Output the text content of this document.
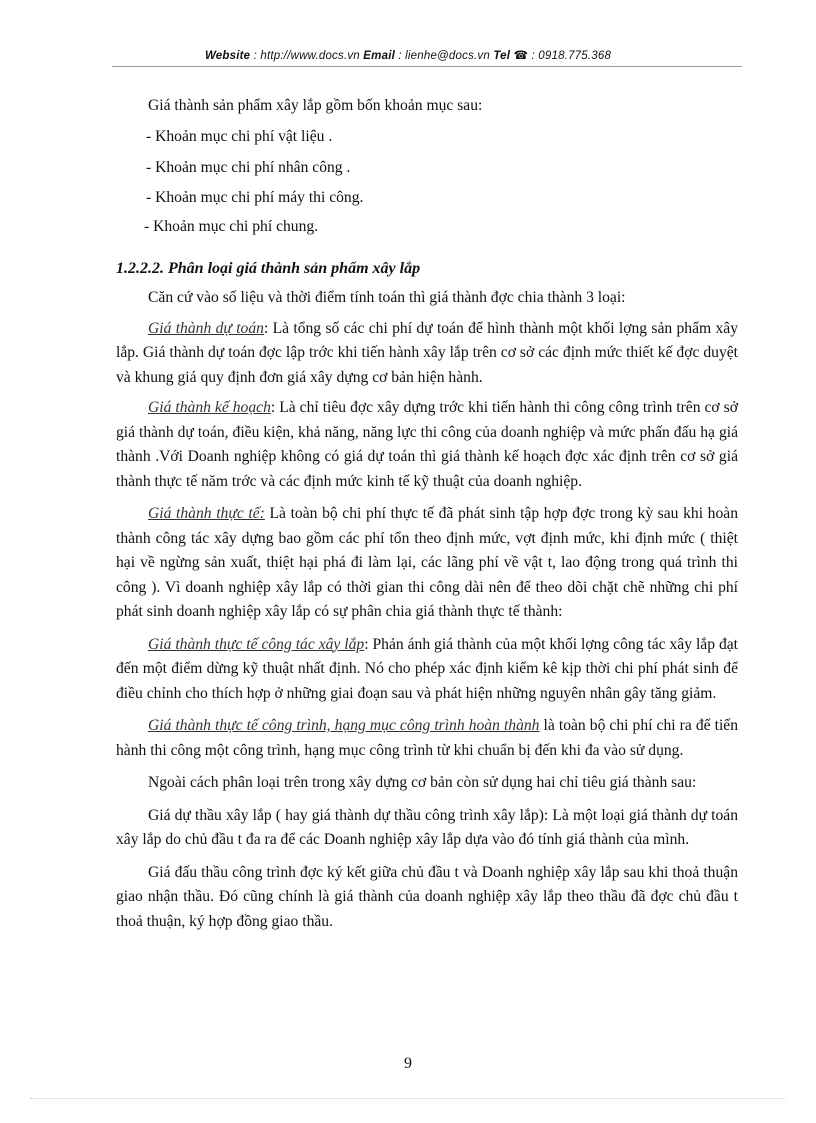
Website : http://www.docs.vn Email : lienhe@docs.vn Tel ☎ : 0918.775.368

Giá thành sản phẩm xây lắp gồm bốn khoản mục sau:

- Khoản mục chi phí vật liệu .

- Khoản mục chi phí nhân công .

- Khoản mục chi phí máy thi công.

- Khoản mục chi phí chung.

1.2.2.2. Phân loại giá thành sản phẩm xây lắp

Căn cứ vào số liệu và thời điểm tính toán thì giá thành đợc chia thành 3 loại:

Giá thành dự toán: Là tổng số các chi phí dự toán để hình thành một khối lợng sản phẩm xây lắp. Giá thành dự toán đợc lập trớc khi tiến hành xây lắp trên cơ sở các định mức thiết kế đợc duyệt và khung giá quy định đơn giá xây dựng cơ bản hiện hành.

Giá thành kế hoạch: Là chỉ tiêu đợc xây dựng trớc khi tiến hành thi công công trình trên cơ sở giá thành dự toán, điều kiện, khả năng, năng lực thi công của doanh nghiệp và mức phấn đấu hạ giá thành .Với Doanh nghiệp không có giá dự toán thì giá thành kế hoạch đợc xác định trên cơ sở giá thành thực tế năm trớc và các định mức kinh tế kỹ thuật của doanh nghiệp.

Giá thành thực tế: Là toàn bộ chi phí thực tế đã phát sinh tập hợp đợc trong kỳ sau khi hoàn thành công tác xây dựng bao gồm các phí tổn theo định mức, vợt định mức, khi định mức ( thiệt hại về ngừng sản xuất, thiệt hại phá đi làm lại, các lãng phí về vật t, lao động trong quá trình thi công ). Vì doanh nghiệp xây lắp có thời gian thi công dài nên để theo dõi chặt chẽ những chi phí phát sinh doanh nghiệp xây lắp có sự phân chia giá thành thực tế thành:

Giá thành thực tế công tác xây lắp: Phản ánh giá thành của một khối lợng công tác xây lắp đạt đến một điểm dừng kỹ thuật nhất định. Nó cho phép xác định kiểm kê kịp thời chi phí phát sinh để điều chỉnh cho thích hợp ở những giai đoạn sau và phát hiện những nguyên nhân gây tăng giảm.

Giá thành thực tế công trình, hạng mục công trình hoàn thành là toàn bộ chi phí chi ra để tiến hành thi công một công trình, hạng mục công trình từ khi chuẩn bị đến khi đa vào sử dụng.

Ngoài cách phân loại trên trong xây dựng cơ bản còn sử dụng hai chỉ tiêu giá thành sau:

Giá dự thầu xây lắp ( hay giá thành dự thầu công trình xây lắp): Là một loại giá thành dự toán xây lắp do chủ đầu t đa ra để các Doanh nghiệp xây lắp dựa vào đó tính giá thành của mình.

Giá đấu thầu công trình đợc ký kết giữa chủ đầu t và Doanh nghiệp xây lắp sau khi thoả thuận giao nhận thầu. Đó cũng chính là giá thành của doanh nghiệp xây lắp theo thầu đã đợc chủ đầu t thoả thuận, ký hợp đồng giao thầu.

9
